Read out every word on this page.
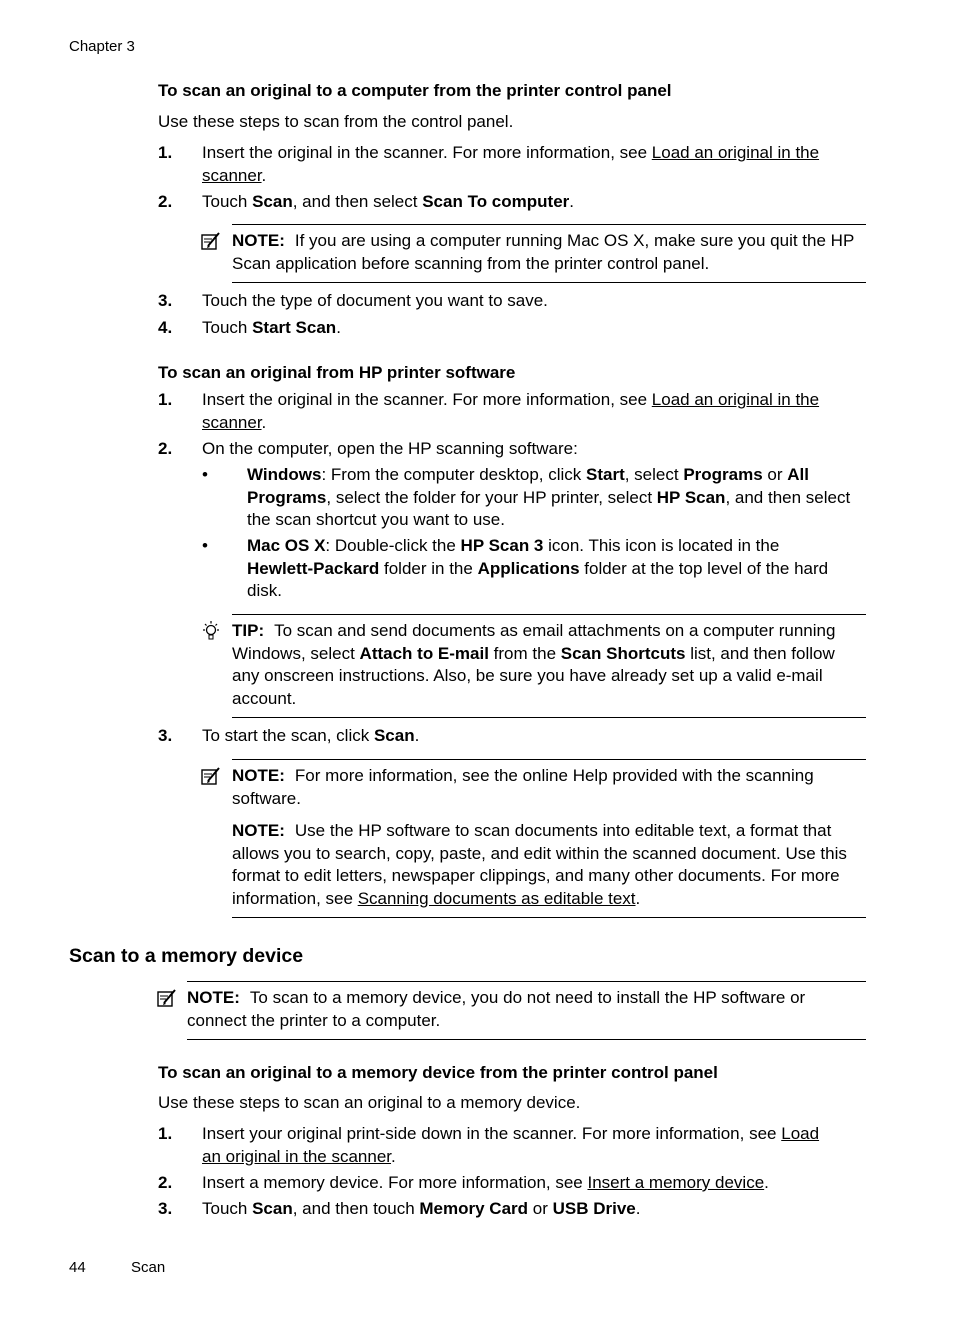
Chapter 3
To scan an original to a computer from the printer control panel
Use these steps to scan from the control panel.
1. Insert the original in the scanner. For more information, see Load an original in the scanner.
2. Touch Scan, and then select Scan To computer.
NOTE: If you are using a computer running Mac OS X, make sure you quit the HP Scan application before scanning from the printer control panel.
3. Touch the type of document you want to save.
4. Touch Start Scan.
To scan an original from HP printer software
1. Insert the original in the scanner. For more information, see Load an original in the scanner.
2. On the computer, open the HP scanning software:
• Windows: From the computer desktop, click Start, select Programs or All Programs, select the folder for your HP printer, select HP Scan, and then select the scan shortcut you want to use.
• Mac OS X: Double-click the HP Scan 3 icon. This icon is located in the Hewlett-Packard folder in the Applications folder at the top level of the hard disk.
TIP: To scan and send documents as email attachments on a computer running Windows, select Attach to E-mail from the Scan Shortcuts list, and then follow any onscreen instructions. Also, be sure you have already set up a valid e-mail account.
3. To start the scan, click Scan.
NOTE: For more information, see the online Help provided with the scanning software.
NOTE: Use the HP software to scan documents into editable text, a format that allows you to search, copy, paste, and edit within the scanned document. Use this format to edit letters, newspaper clippings, and many other documents. For more information, see Scanning documents as editable text.
Scan to a memory device
NOTE: To scan to a memory device, you do not need to install the HP software or connect the printer to a computer.
To scan an original to a memory device from the printer control panel
Use these steps to scan an original to a memory device.
1. Insert your original print-side down in the scanner. For more information, see Load an original in the scanner.
2. Insert a memory device. For more information, see Insert a memory device.
3. Touch Scan, and then touch Memory Card or USB Drive.
44	Scan
